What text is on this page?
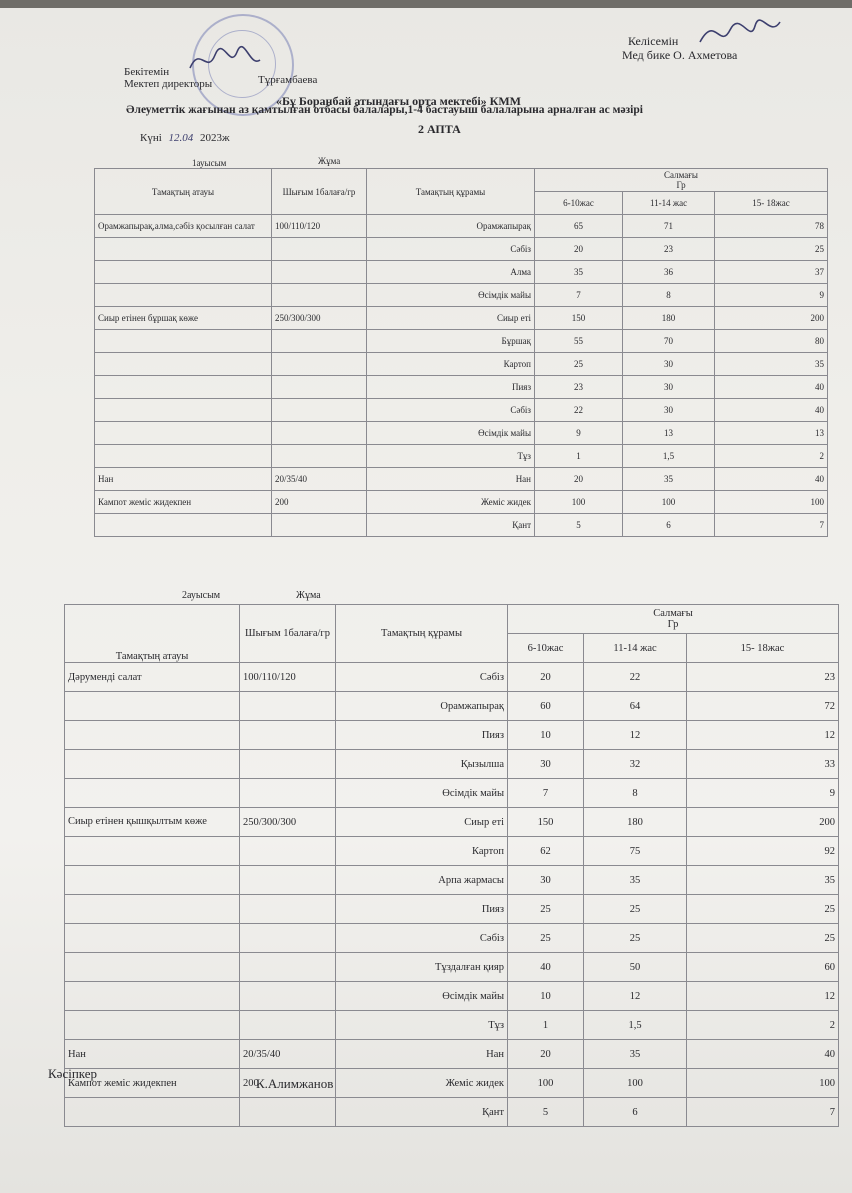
Бекітемін
Мектеп директоры	Тұрғамбаева
Келісемін
Мед бике О. Ахметова
«Бұ Боранбай атындағы орта мектебі» КММ
Әлеуметтік жағынан аз қамтылған отбасы балалары,1-4 бастауыш балаларына арналған ас мәзірі
2 АПТА
Күні 12.04 2023ж
1ауысым	Жұма
Тамақтың атауы	Шығым 1балаға/гр	Тамақтың құрамы	Салмағы
Гр		
			6-10жас	11-14 жас	15- 18жас
Орамжапырақ,алма,сәбіз қосылған салат	100/110/120	Орамжапырақ	65	71	78
		Сәбіз	20	23	25
		Алма	35	36	37
		Өсімдік майы	7	8	9
Сиыр етінен бұршақ көже	250/300/300	Сиыр еті	150	180	200
		Бұршақ	55	70	80
		Картоп	25	30	35
		Пияз	23	30	40
		Сәбіз	22	30	40
		Өсімдік майы	9	13	13
		Тұз	1	1,5	2
Нан	20/35/40	Нан	20	35	40
Кампот жеміс жидекпен	200	Жеміс жидек	100	100	100
		Қант	5	6	7
2ауысым	Жұма
Тамақтың атауы	Шығым 1балаға/гр	Тамақтың құрамы	Салмағы
Гр		
			6-10жас	11-14 жас	15- 18жас
Дәруменді салат	100/110/120	Сәбіз	20	22	23
		Орамжапырақ	60	64	72
		Пияз	10	12	12
		Қызылша	30	32	33
		Өсімдік майы	7	8	9
Сиыр етінен қышқылтым көже	250/300/300	Сиыр еті	150	180	200
		Картоп	62	75	92
		Арпа жармасы	30	35	35
		Пияз	25	25	25
		Сәбіз	25	25	25
		Тұздалған қияр	40	50	60
		Өсімдік майы	10	12	12
		Тұз	1	1,5	2
Нан	20/35/40	Нан	20	35	40
Кампот жеміс жидекпен	200	Жеміс жидек	100	100	100
		Қант	5	6	7
Кәсіпкер
К.Алимжанов
